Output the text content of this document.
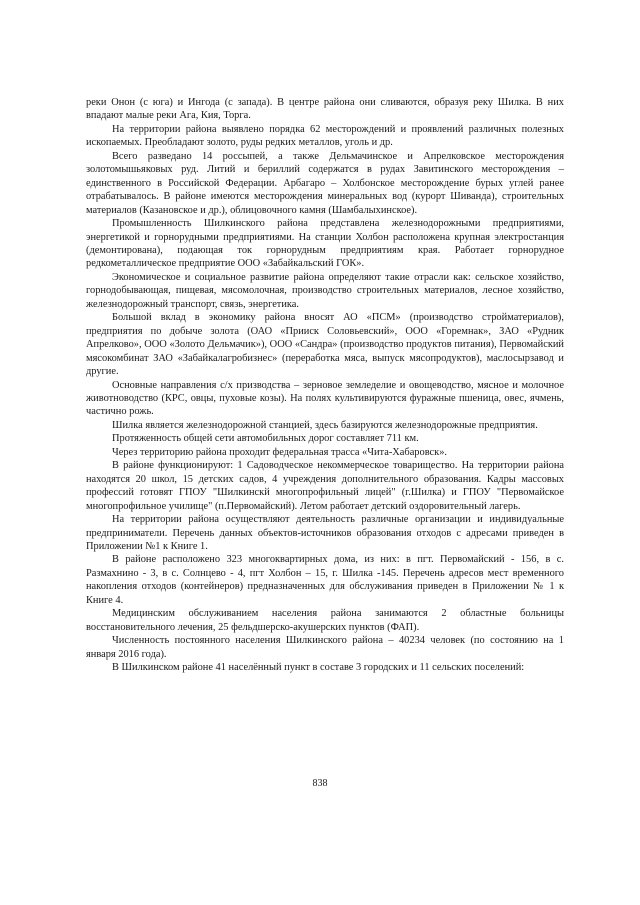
реки Онон (с юга) и Ингода (с запада). В центре района они сливаются, образуя реку Шилка. В них впадают малые реки Ага, Кия, Торга.

На территории района выявлено порядка 62 месторождений и проявлений различных полезных ископаемых. Преобладают золото, руды редких металлов, уголь и др.

Всего разведано 14 россыпей, а также Дельмачинское и Апрелковское месторождения золотомышьяковых руд. Литий и бериллий содержатся в рудах Завитинского месторождения – единственного в Российской Федерации. Арбагаро – Холбонское месторождение бурых углей ранее отрабатывалось. В районе имеются месторождения минеральных вод (курорт Шиванда), строительных материалов (Казановское и др.), облицовочного камня (Шамбалыхинское).

Промышленность Шилкинского района представлена железнодорожными предприятиями, энергетикой и горнорудными предприятиями. На станции Холбон расположена крупная электростанция (демонтирована), подающая ток горнорудным предприятиям края. Работает горнорудное редкометаллическое предприятие ООО «Забайкальский ГОК».

Экономическое и социальное развитие района определяют такие отрасли как: сельское хозяйство, горнодобывающая, пищевая, мясомолочная, производство строительных материалов, лесное хозяйство, железнодорожный транспорт, связь, энергетика.

Большой вклад в экономику района вносят АО «ПСМ» (производство стройматериалов), предприятия по добыче золота (ОАО «Прииск Соловьевский», ООО «Горемнак», ЗАО «Рудник Апрелково», ООО «Золото Дельмачик»), ООО «Сандра» (производство продуктов питания), Первомайский мясокомбинат ЗАО «Забайкалагробизнес» (переработка мяса, выпуск мясопродуктов), маслосырзавод и другие.

Основные направления с/х призводства – зерновое земледелие и овощеводство, мясное и молочное животноводство (КРС, овцы, пуховые козы). На полях культивируются фуражные пшеница, овес, ячмень, частично рожь.

Шилка является железнодорожной станцией, здесь базируются железнодорожные предприятия.

Протяженность общей сети автомобильных дорог составляет 711 км.

Через территорию района проходит федеральная трасса «Чита-Хабаровск».

В районе функционируют: 1 Садоводческое некоммерческое товарищество. На территории района находятся 20 школ, 15 детских садов, 4 учреждения дополнительного образования. Кадры массовых профессий готовят ГПОУ "Шилкинскй многопрофильный лицей" (г.Шилка) и ГПОУ "Первомайское многопрофильное училище" (п.Первомайский). Летом работает детский оздоровительный лагерь.

На территории района осуществляют деятельность различные организации и индивидуальные предприниматели. Перечень данных объектов-источников образования отходов с адресами приведен в Приложении №1 к Книге 1.

В районе расположено 323 многоквартирных дома, из них: в пгт. Первомайский - 156, в с. Размахнино - 3, в с. Солнцево - 4, пгт Холбон – 15, г. Шилка -145. Перечень адресов мест временного накопления отходов (контейнеров) предназначенных для обслуживания приведен в Приложении № 1 к Книге 4.

Медицинским обслуживанием населения района занимаются 2 областные больницы восстановительного лечения, 25 фельдшерско-акушерских пунктов (ФАП).

Численность постоянного населения Шилкинского района – 40234 человек (по состоянию на 1 января 2016 года).

В Шилкинском районе 41 населённый пункт в составе 3 городских и 11 сельских поселений:

838
